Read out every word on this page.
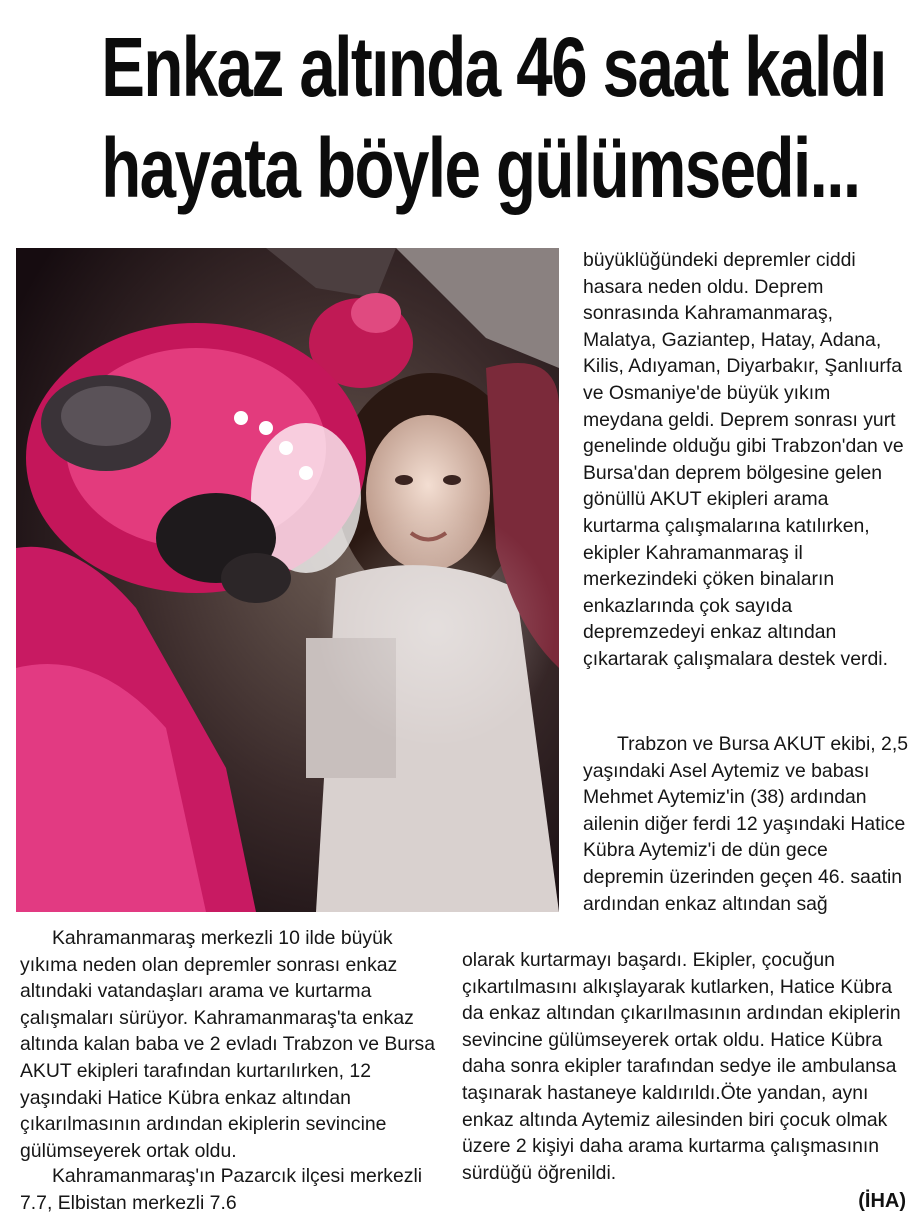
Enkaz altında 46 saat kaldı
hayata böyle gülümsedi...

büyüklüğündeki depremler ciddi hasara neden oldu. Deprem sonrasında Kahramanmaraş, Malatya, Gaziantep, Hatay, Adana, Kilis, Adıyaman, Diyarbakır, Şanlıurfa ve Osmaniye'de büyük yıkım meydana geldi. Deprem sonrası yurt genelinde olduğu gibi Trabzon'dan ve Bursa'dan deprem bölgesine gelen gönüllü AKUT ekipleri arama kurtarma çalışmalarına katılırken, ekipler Kahramanmaraş il merkezindeki çöken binaların enkazlarında çok sayıda depremzedeyi enkaz altından çıkartarak çalışmalara destek verdi.

Trabzon ve Bursa AKUT ekibi, 2,5 yaşındaki Asel Aytemiz ve babası Mehmet Aytemiz'in (38) ardından ailenin diğer ferdi 12 yaşındaki Hatice Kübra Aytemiz'i de dün gece depremin üzerinden geçen 46. saatin ardından enkaz altından sağ

Kahramanmaraş merkezli 10 ilde büyük yıkıma neden olan depremler sonrası enkaz altındaki vatandaşları arama ve kurtarma çalışmaları sürüyor. Kahramanmaraş'ta enkaz altında kalan baba ve 2 evladı Trabzon ve Bursa AKUT ekipleri tarafından kurtarılırken, 12 yaşındaki Hatice Kübra enkaz altından çıkarılmasının ardından ekiplerin sevincine gülümseyerek ortak oldu.

Kahramanmaraş'ın Pazarcık ilçesi merkezli 7.7, Elbistan merkezli 7.6

olarak kurtarmayı başardı. Ekipler, çocuğun çıkartılmasını alkışlayarak kutlarken, Hatice Kübra da enkaz altından çıkarılmasının ardından ekiplerin sevincine gülümseyerek ortak oldu. Hatice Kübra daha sonra ekipler tarafından sedye ile ambulansa taşınarak hastaneye kaldırıldı.Öte yandan, aynı enkaz altında Aytemiz ailesinden biri çocuk olmak üzere 2 kişiyi daha arama kurtarma çalışmasının sürdüğü öğrenildi.

(İHA)
